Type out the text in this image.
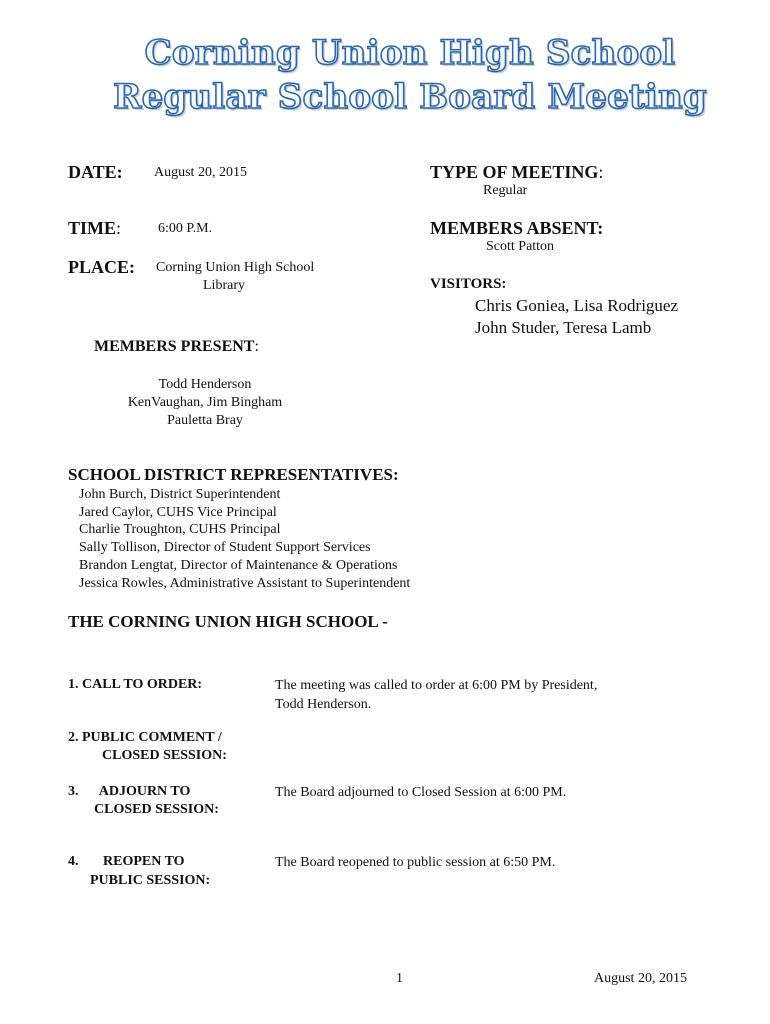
Corning Union High School
Regular School Board Meeting
DATE: August 20, 2015
TIME:	6:00 P.M.
PLACE: Corning Union High School
Library
TYPE OF MEETING:
Regular
MEMBERS ABSENT:
Scott Patton
VISITORS:
Chris Goniea, Lisa Rodriguez
John Studer, Teresa Lamb
MEMBERS PRESENT:
Todd Henderson
KenVaughan, Jim Bingham
Pauletta Bray
SCHOOL DISTRICT REPRESENTATIVES:
John Burch, District Superintendent
Jared Caylor, CUHS Vice Principal
Charlie Troughton, CUHS Principal
Sally Tollison, Director of Student Support Services
Brandon Lengtat, Director of Maintenance & Operations
Jessica Rowles, Administrative Assistant to Superintendent
THE CORNING UNION HIGH SCHOOL -
1. CALL TO ORDER:	The meeting was called to order at 6:00 PM by President,
Todd Henderson.
2. PUBLIC COMMENT /
CLOSED SESSION:
3.      ADJOURN TO
CLOSED SESSION:
The Board adjourned to Closed Session at 6:00 PM.
4.       REOPEN TO
PUBLIC SESSION:
The Board reopened to public session at 6:50 PM.
1	August 20, 2015
